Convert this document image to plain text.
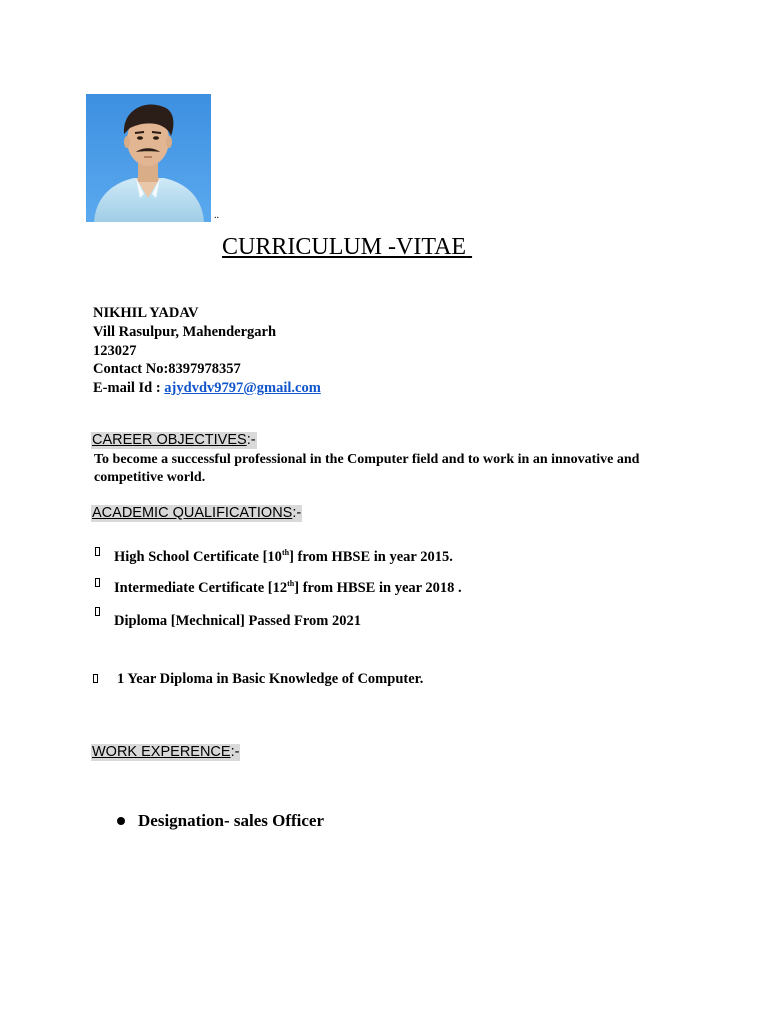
..
CURRICULUM -VITAE
NIKHIL YADAV
Vill Rasulpur, Mahendergarh
123027
Contact No:8397978357
E-mail Id : ajydvdv9797@gmail.com
CAREER OBJECTIVES:-
To become a successful professional in the Computer field and to work in an innovative and competitive world.
ACADEMIC QUALIFICATIONS:-
High School Certificate [10th] from HBSE in year 2015.
Intermediate Certificate [12th] from HBSE in year 2018 .
Diploma [Mechnical] Passed From 2021
1 Year Diploma in Basic Knowledge of Computer.
WORK EXPERENCE:-
Designation- sales Officer
